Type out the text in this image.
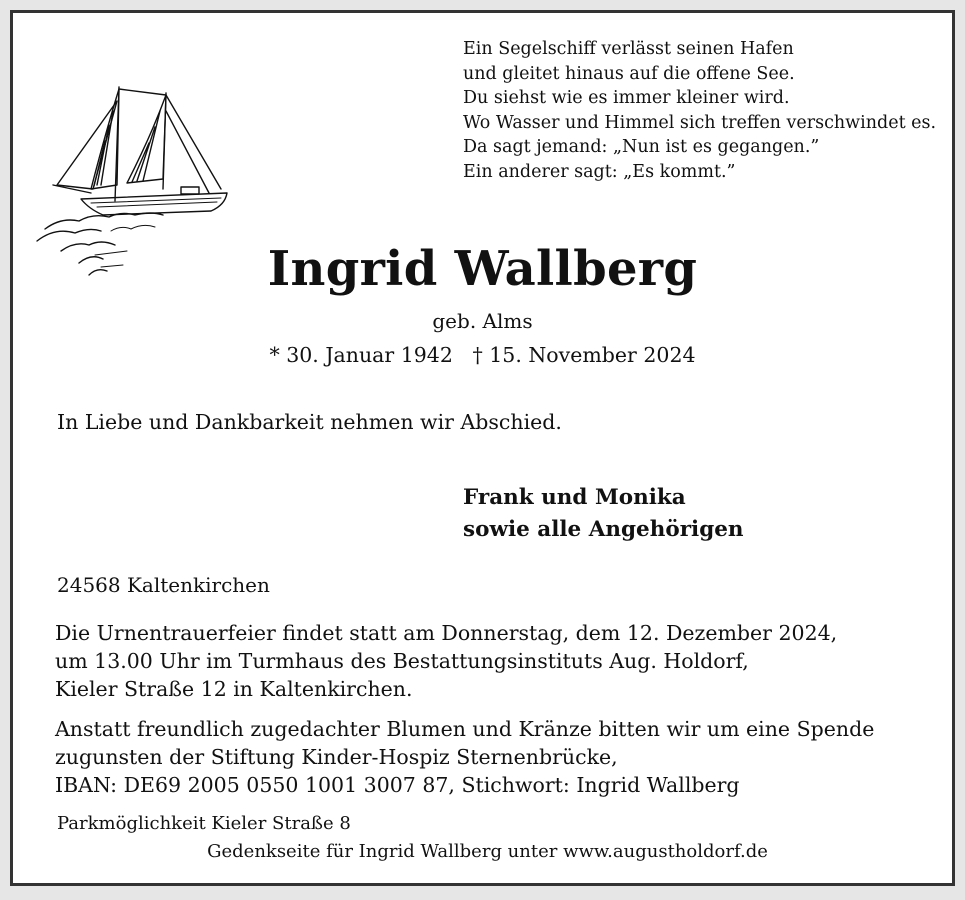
Ein Segelschiff verlässt seinen Hafen
und gleitet hinaus auf die offene See.
Du siehst wie es immer kleiner wird.
Wo Wasser und Himmel sich treffen verschwindet es.
Da sagt jemand: „Nun ist es gegangen.”
Ein anderer sagt: „Es kommt.”
Ingrid Wallberg
geb. Alms
* 30. Januar 1942 † 15. November 2024
In Liebe und Dankbarkeit nehmen wir Abschied.
Frank und Monika
sowie alle Angehörigen
24568 Kaltenkirchen
Die Urnentrauerfeier findet statt am Donnerstag, dem 12. Dezember 2024,
um 13.00 Uhr im Turmhaus des Bestattungsinstituts Aug. Holdorf,
Kieler Straße 12 in Kaltenkirchen.
Anstatt freundlich zugedachter Blumen und Kränze bitten wir um eine Spende
zugunsten der Stiftung Kinder-Hospiz Sternenbrücke,
IBAN: DE69 2005 0550 1001 3007 87, Stichwort: Ingrid Wallberg
Parkmöglichkeit Kieler Straße 8
Gedenkseite für Ingrid Wallberg unter www.augustholdorf.de
